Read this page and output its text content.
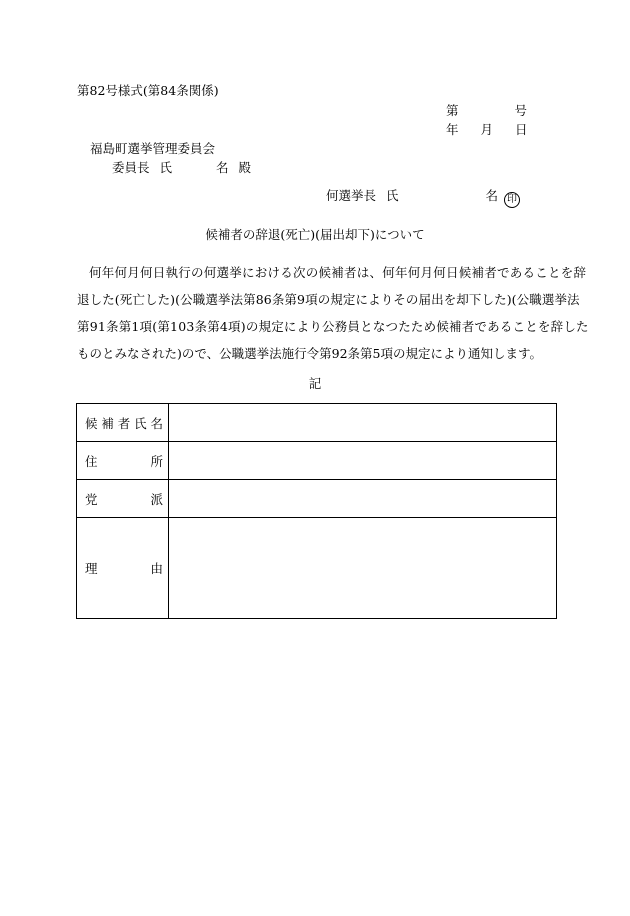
第82号様式(第84条関係)
第	号
年 月 日
福島町選挙管理委員会
委員長 氏	名 殿
何選挙長 氏	名 印
候補者の辞退(死亡)(届出却下)について
何年何月何日執行の何選挙における次の候補者は、何年何月何日候補者であることを辞
退した(死亡した)(公職選挙法第86条第9項の規定によりその届出を却下した)(公職選挙法
第91条第1項(第103条第4項)の規定により公務員となつたため候補者であることを辞した
ものとみなされた)ので、公職選挙法施行令第92条第5項の規定により通知します。
記
候 補 者 氏 名	

住 所	

党 派	

理 由	
